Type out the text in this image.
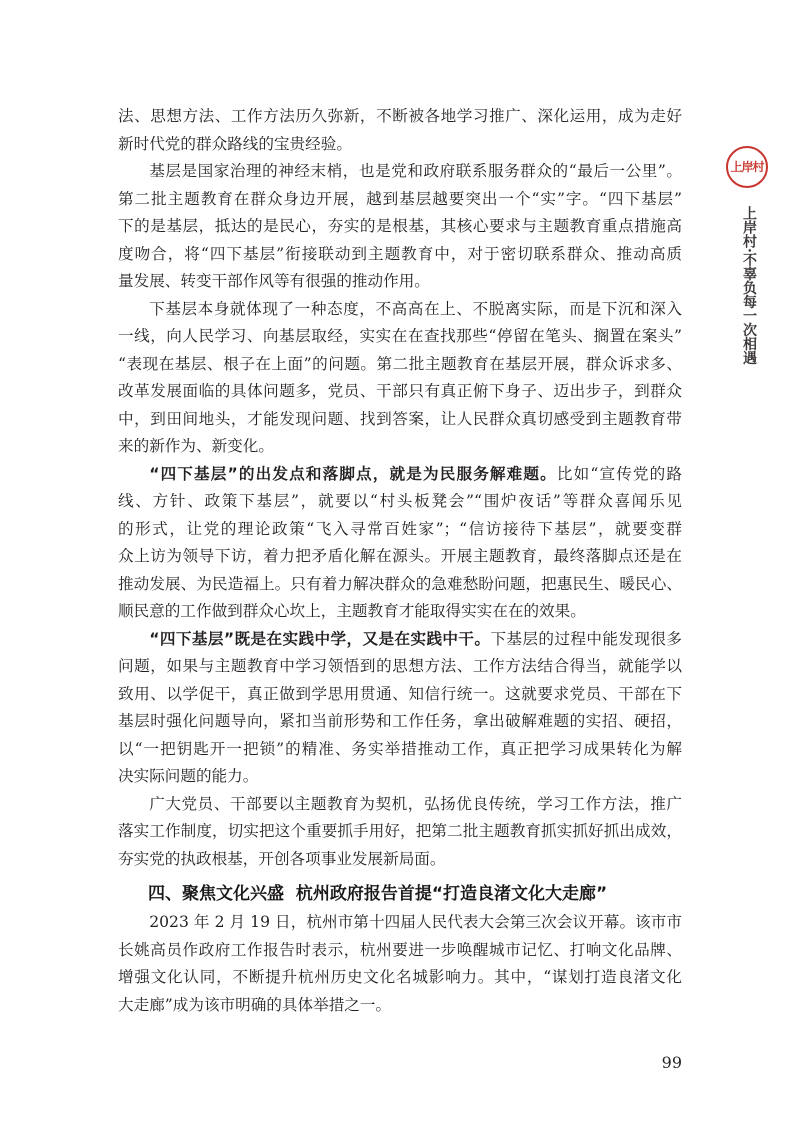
上岸村
上岸村·不辜负每一次相遇
法、思想方法、工作方法历久弥新，不断被各地学习推广、深化运用，成为走好
新时代党的群众路线的宝贵经验。
基层是国家治理的神经末梢，也是党和政府联系服务群众的“最后一公里”。
第二批主题教育在群众身边开展，越到基层越要突出一个“实”字。“四下基层”
下的是基层，抵达的是民心，夯实的是根基，其核心要求与主题教育重点措施高
度吻合，将“四下基层”衔接联动到主题教育中，对于密切联系群众、推动高质
量发展、转变干部作风等有很强的推动作用。
下基层本身就体现了一种态度，不高高在上、不脱离实际，而是下沉和深入
一线，向人民学习、向基层取经，实实在在查找那些“停留在笔头、搁置在案头”
“表现在基层、根子在上面”的问题。第二批主题教育在基层开展，群众诉求多、
改革发展面临的具体问题多，党员、干部只有真正俯下身子、迈出步子，到群众
中，到田间地头，才能发现问题、找到答案，让人民群众真切感受到主题教育带
来的新作为、新变化。
“四下基层”的出发点和落脚点，就是为民服务解难题。比如“宣传党的路
线、方针、政策下基层”，就要以“村头板凳会”“围炉夜话”等群众喜闻乐见
的形式，让党的理论政策“飞入寻常百姓家”；“信访接待下基层”，就要变群
众上访为领导下访，着力把矛盾化解在源头。开展主题教育，最终落脚点还是在
推动发展、为民造福上。只有着力解决群众的急难愁盼问题，把惠民生、暖民心、
顺民意的工作做到群众心坎上，主题教育才能取得实实在在的效果。
“四下基层”既是在实践中学，又是在实践中干。下基层的过程中能发现很多
问题，如果与主题教育中学习领悟到的思想方法、工作方法结合得当，就能学以
致用、以学促干，真正做到学思用贯通、知信行统一。这就要求党员、干部在下
基层时强化问题导向，紧扣当前形势和工作任务，拿出破解难题的实招、硬招，
以“一把钥匙开一把锁”的精准、务实举措推动工作，真正把学习成果转化为解
决实际问题的能力。
广大党员、干部要以主题教育为契机，弘扬优良传统，学习工作方法，推广
落实工作制度，切实把这个重要抓手用好，把第二批主题教育抓实抓好抓出成效，
夯实党的执政根基，开创各项事业发展新局面。
四、聚焦文化兴盛  杭州政府报告首提“打造良渚文化大走廊”
2023 年 2 月 19 日，杭州市第十四届人民代表大会第三次会议开幕。该市市
长姚高员作政府工作报告时表示，杭州要进一步唤醒城市记忆、打响文化品牌、
增强文化认同，不断提升杭州历史文化名城影响力。其中，“谋划打造良渚文化
大走廊”成为该市明确的具体举措之一。
99
